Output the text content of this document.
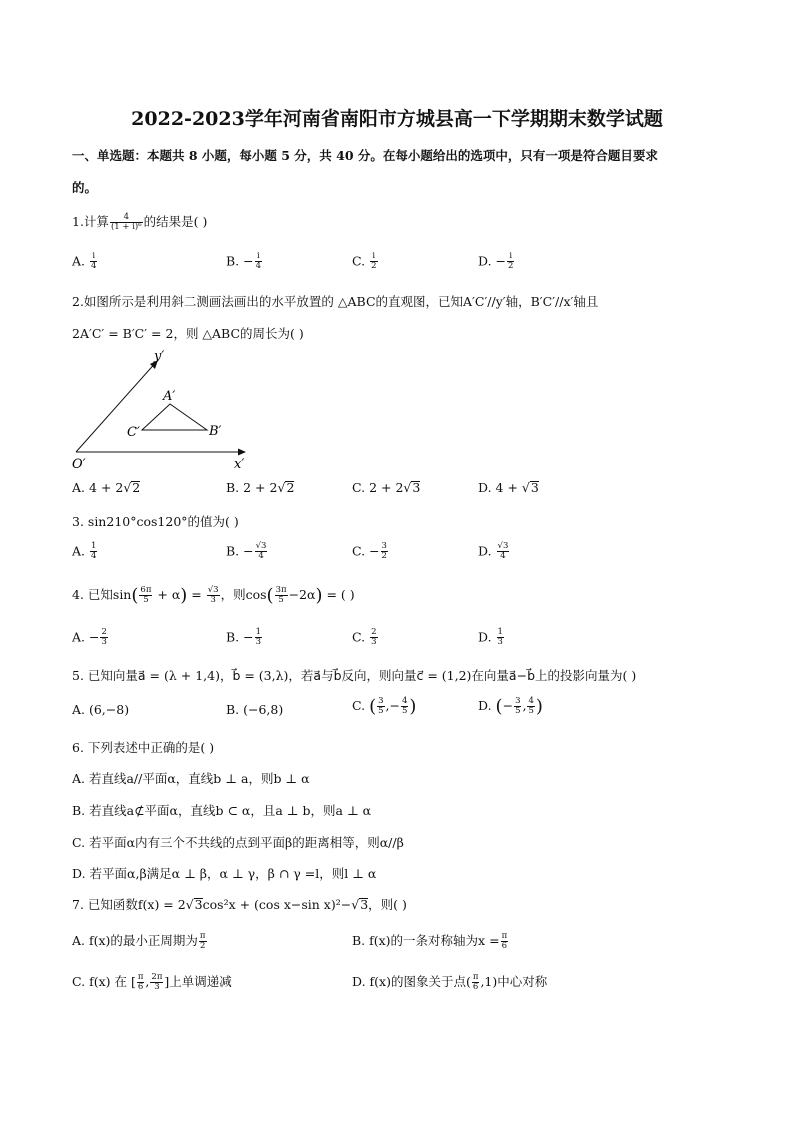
2022-2023学年河南省南阳市方城县高一下学期期末数学试题
一、单选题：本题共 8 小题，每小题 5 分，共 40 分。在每小题给出的选项中，只有一项是符合题目要求
的。
1.计算 $\frac{4}{\text{(1 + i)⁶}}$ 的结果是( )
A. $\frac{i}{4}$	B. − $\frac{i}{4}$	C. $\frac{i}{2}$	D. − $\frac{i}{2}$
2.如图所示是利用斜二测画法画出的水平放置的 △ABC的直观图，已知A′C′//y′轴，B′C′//x′轴且
2A′C′ = B′C′ = 2，则 △ABC的周长为( )
y′
x′
O′
A′
B′
C′
A. 4 + 2√2	B. 2 + 2√2	C. 2 + 2√3	D. 4 + √3
3. sin210°cos120°的值为( )
A. $\frac{1}{4}$	B. − $\frac{√3}{4}$	C. − $\frac{3}{2}$	D. $\frac{√3}{4}$
4. 已知$\sin( \frac{6\pi}{5} + \alpha) = \frac{√3}{3}$ ，则$\cos( \frac{3\pi}{5} -2\alpha)$ = ( )
A. − $\frac{2}{3}$	B. − $\frac{1}{3}$	C. $\frac{2}{3}$	D. $\frac{1}{3}$
5. 已知向量a⃗ = (λ + 1,4)，b⃗ = (3,λ)，若a⃗与b⃗反向，则向量c⃗ = (1,2)在向量a⃗−b⃗上的投影向量为( )
A. (6,−8)	B. (−6,8)	C. ( $\frac{3}{5}$ ,− $\frac{4}{5}$ )	D. (− $\frac{3}{5}$ , $\frac{4}{5}$ )
6. 下列表述中正确的是( )
A. 若直线a//平面α，直线b ⊥ a，则b ⊥ α
B. 若直线a⊄平面α，直线b ⊂ α，且a ⊥ b，则a ⊥ α
C. 若平面α内有三个不共线的点到平面β的距离相等，则α//β
D. 若平面α,β满足α ⊥ β，α ⊥ γ，β ∩ γ =l，则l ⊥ α
7. 已知函数f(x) = 2√3cos²x + (cos x−sin x)²−√3，则( )
A. f(x)的最小正周期为 $\frac{\pi}{2}$	B. f(x)的一条对称轴为$x = \frac{\pi}{6}$
C. f(x) 在 [ $\frac{\pi}{6}$ , $\frac{2\pi}{3}$ ]上单调递减	D. f(x)的图象关于点( $\frac{\pi}{6} ,1$)中心对称
